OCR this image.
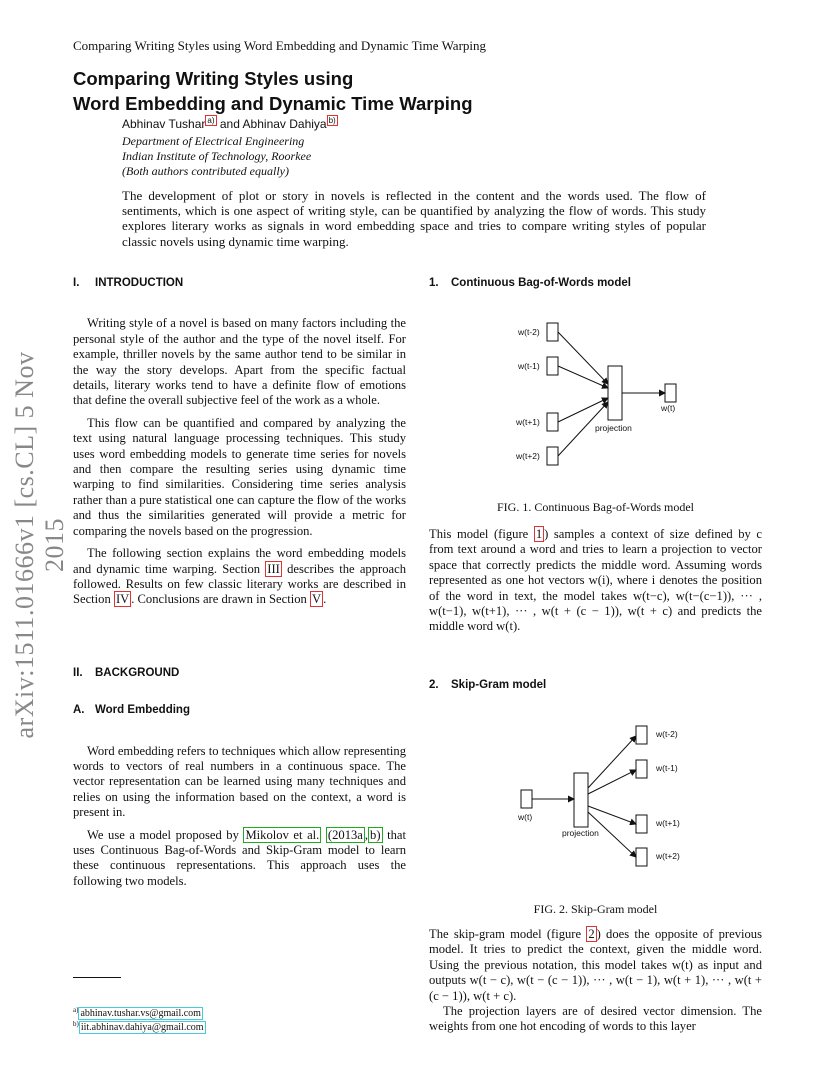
Comparing Writing Styles using Word Embedding and Dynamic Time Warping
Comparing Writing Styles using
Word Embedding and Dynamic Time Warping
Abhinav Tushar $^{a)}$ and Abhinav Dahiya $^{b)}$
Department of Electrical Engineering
Indian Institute of Technology, Roorkee
(Both authors contributed equally)
The development of plot or story in novels is reflected in the content and the words used. The flow of sentiments, which is one aspect of writing style, can be quantified by analyzing the flow of words. This study explores literary works as signals in word embedding space and tries to compare writing styles of popular classic novels using dynamic time warping.
arXiv:1511.01666v1 [cs.CL] 5 Nov 2015
I. INTRODUCTION

Writing style of a novel is based on many factors including the personal style of the author and the type of the novel itself. For example, thriller novels by the same author tend to be similar in the way the story develops. Apart from the specific factual details, literary works tend to have a definite flow of emotions that define the overall subjective feel of the work as a whole.

This flow can be quantified and compared by analyzing the text using natural language processing techniques. This study uses word embedding models to generate time series for novels and then compare the resulting series using dynamic time warping to find similarities. Considering time series analysis rather than a pure statistical one can capture the flow of the works and thus the similarities generated will provide a metric for comparing the novels based on the progression.

The following section explains the word embedding models and dynamic time warping. Section III describes the approach followed. Results on few classic literary works are described in Section IV . Conclusions are drawn in Section V .

II. BACKGROUND
A. Word Embedding

Word embedding refers to techniques which allow representing words to vectors of real numbers in a continuous space. The vector representation can be learned using many techniques and relies on using the information based on the context, a word is present in.

We use a model proposed by Mikolov et al. (2013a , b) that uses Continuous Bag-of-Words and Skip-Gram model to learn these continuous representations. This approach uses the following two models.

$^{a)}$ abhinav.tushar.vs@gmail.com
$^{b)}$ iit.abhinav.dahiya@gmail.com
1. Continuous Bag-of-Words model
w(t-2)
w(t-1)
w(t+1)
w(t+2)
projection
w(t)
FIG. 1. Continuous Bag-of-Words model

This model (figure 1 ) samples a context of size defined by c from text around a word and tries to learn a projection to vector space that correctly predicts the middle word. Assuming words represented as one hot vectors w(i), where i denotes the position of the word in text, the model takes w(t−c), w(t−(c−1)), ··· , w(t−1), w(t+1), ··· , w(t + (c − 1)), w(t + c) and predicts the middle word w(t).

2. Skip-Gram model
w(t)
projection
w(t-2)
w(t-1)
w(t+1)
w(t+2)
FIG. 2. Skip-Gram model

The skip-gram model (figure 2 ) does the opposite of previous model. It tries to predict the context, given the middle word. Using the previous notation, this model takes w(t) as input and outputs w(t − c), w(t − (c − 1)), ··· , w(t − 1), w(t + 1), ··· , w(t + (c − 1)), w(t + c).

The projection layers are of desired vector dimension. The weights from one hot encoding of words to this layer
